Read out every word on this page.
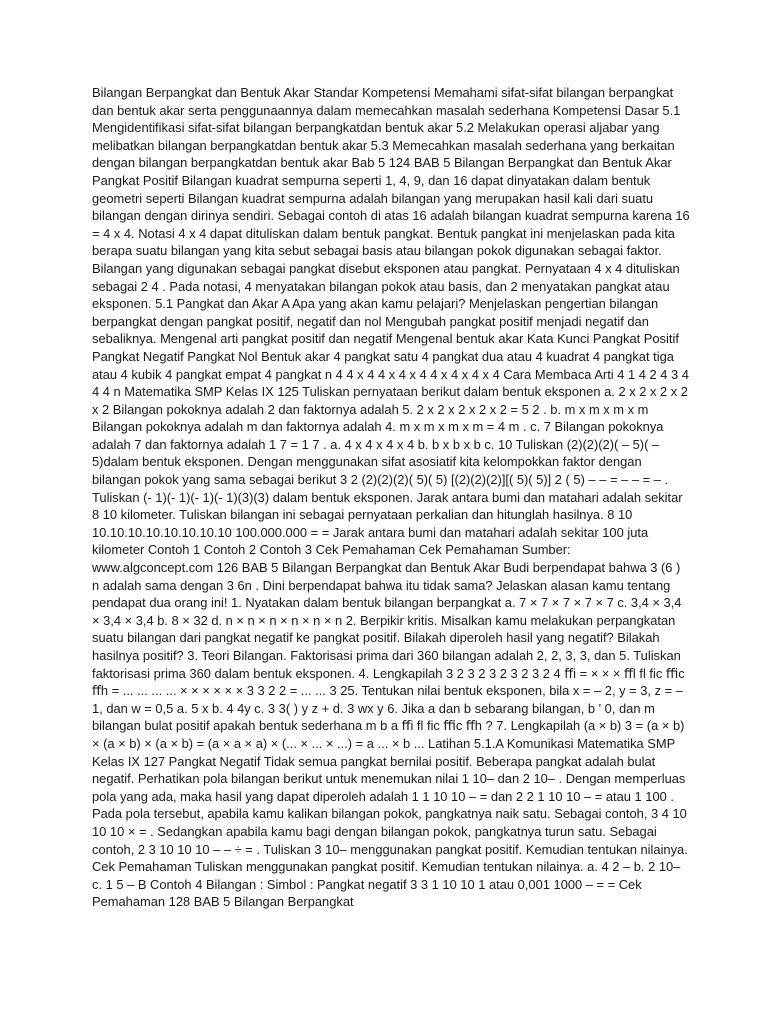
Bilangan Berpangkat dan Bentuk Akar Standar Kompetensi Memahami sifat-sifat bilangan berpangkat dan bentuk akar serta penggunaannya dalam memecahkan masalah sederhana Kompetensi Dasar 5.1 Mengidentifikasi sifat-sifat bilangan berpangkatdan bentuk akar 5.2 Melakukan operasi aljabar yang melibatkan bilangan berpangkatdan bentuk akar 5.3 Memecahkan masalah sederhana yang berkaitan dengan bilangan berpangkatdan bentuk akar Bab 5 124 BAB 5 Bilangan Berpangkat dan Bentuk Akar Pangkat Positif Bilangan kuadrat sempurna seperti 1, 4, 9, dan 16 dapat dinyatakan dalam bentuk geometri seperti Bilangan kuadrat sempurna adalah bilangan yang merupakan hasil kali dari suatu bilangan dengan dirinya sendiri. Sebagai contoh di atas 16 adalah bilangan kuadrat sempurna karena 16 = 4 x 4. Notasi 4 x 4 dapat dituliskan dalam bentuk pangkat. Bentuk pangkat ini menjelaskan pada kita berapa suatu bilangan yang kita sebut sebagai basis atau bilangan pokok digunakan sebagai faktor. Bilangan yang digunakan sebagai pangkat disebut eksponen atau pangkat. Pernyataan 4 x 4 dituliskan sebagai 2 4 . Pada notasi, 4 menyatakan bilangan pokok atau basis, dan 2 menyatakan pangkat atau eksponen. 5.1 Pangkat dan Akar A Apa yang akan kamu pelajari? Menjelaskan pengertian bilangan berpangkat dengan pangkat positif, negatif dan nol Mengubah pangkat positif menjadi negatif dan sebaliknya. Mengenal arti pangkat positif dan negatif Mengenal bentuk akar Kata Kunci Pangkat Positif Pangkat Negatif Pangkat Nol Bentuk akar 4 pangkat satu 4 pangkat dua atau 4 kuadrat 4 pangkat tiga atau 4 kubik 4 pangkat empat 4 pangkat n 4 4 x 4 4 x 4 x 4 4 x 4 x 4 x 4 Cara Membaca Arti 4 1 4 2 4 3 4 4 4 n Matematika SMP Kelas IX 125 Tuliskan pernyataan berikut dalam bentuk eksponen a. 2 x 2 x 2 x 2 x 2 Bilangan pokoknya adalah 2 dan faktornya adalah 5. 2 x 2 x 2 x 2 x 2 = 5 2 . b. m x m x m x m Bilangan pokoknya adalah m dan faktornya adalah 4. m x m x m x m = 4 m . c. 7 Bilangan pokoknya adalah 7 dan faktornya adalah 1 7 = 1 7 . a. 4 x 4 x 4 x 4 b. b x b x b c. 10 Tuliskan (2)(2)(2)( – 5)( – 5)dalam bentuk eksponen. Dengan menggunakan sifat asosiatif kita kelompokkan faktor dengan bilangan pokok yang sama sebagai berikut 3 2 (2)(2)(2)( 5)( 5) [(2)(2)(2)][( 5)( 5)] 2 ( 5) – – = – – = – . Tuliskan (- 1)(- 1)(- 1)(- 1)(3)(3) dalam bentuk eksponen. Jarak antara bumi dan matahari adalah sekitar 8 10 kilometer. Tuliskan bilangan ini sebagai pernyataan perkalian dan hitunglah hasilnya. 8 10 10.10.10.10.10.10.10.10 100.000.000 = = Jarak antara bumi dan matahari adalah sekitar 100 juta kilometer Contoh 1 Contoh 2 Contoh 3 Cek Pemahaman Cek Pemahaman Sumber: www.algconcept.com 126 BAB 5 Bilangan Berpangkat dan Bentuk Akar Budi berpendapat bahwa 3 (6 ) n adalah sama dengan 3 6n . Dini berpendapat bahwa itu tidak sama? Jelaskan alasan kamu tentang pendapat dua orang ini! 1. Nyatakan dalam bentuk bilangan berpangkat a. 7 × 7 × 7 × 7 × 7 c. 3,4 × 3,4 × 3,4 × 3,4 b. 8 × 32 d. n × n × n × n × n × n 2. Berpikir kritis. Misalkan kamu melakukan perpangkatan suatu bilangan dari pangkat negatif ke pangkat positif. Bilakah diperoleh hasil yang negatif? Bilakah hasilnya positif? 3. Teori Bilangan. Faktorisasi prima dari 360 bilangan adalah 2, 2, 3, 3, dan 5. Tuliskan faktorisasi prima 360 dalam bentuk eksponen. 4. Lengkapilah 3 2 3 2 3 2 3 2 3 2 4 ﬀi = × × × ﬀl ﬂ ﬁc ﬃc ﬀh = ... ... ... ... × × × × × × 3 3 2 2 = ... ... 3 25. Tentukan nilai bentuk eksponen, bila x = – 2, y = 3, z = – 1, dan w = 0,5 a. 5 x b. 4 4y c. 3 3( ) y z + d. 3 wx y 6. Jika a dan b sebarang bilangan, b ' 0, dan m bilangan bulat positif apakah bentuk sederhana m b a ﬀi ﬂ ﬁc ﬃc ﬀh ? 7. Lengkapilah (a × b) 3 = (a × b) × (a × b) × (a × b) = (a × a × a) × (... × ... × ...) = a ... × b ... Latihan 5.1.A Komunikasi Matematika SMP Kelas IX 127 Pangkat Negatif Tidak semua pangkat bernilai positif. Beberapa pangkat adalah bulat negatif. Perhatikan pola bilangan berikut untuk menemukan nilai 1 10– dan 2 10– . Dengan memperluas pola yang ada, maka hasil yang dapat diperoleh adalah 1 1 10 10 – = dan 2 2 1 10 10 – = atau 1 100 . Pada pola tersebut, apabila kamu kalikan bilangan pokok, pangkatnya naik satu. Sebagai contoh, 3 4 10 10 10 × = . Sedangkan apabila kamu bagi dengan bilangan pokok, pangkatnya turun satu. Sebagai contoh, 2 3 10 10 10 – – ÷ = . Tuliskan 3 10– menggunakan pangkat positif. Kemudian tentukan nilainya. Cek Pemahaman Tuliskan menggunakan pangkat positif. Kemudian tentukan nilainya. a. 4 2 – b. 2 10– c. 1 5 – B Contoh 4 Bilangan : Simbol : Pangkat negatif 3 3 1 10 10 1 atau 0,001 1000 – = = Cek Pemahaman 128 BAB 5 Bilangan Berpangkat
